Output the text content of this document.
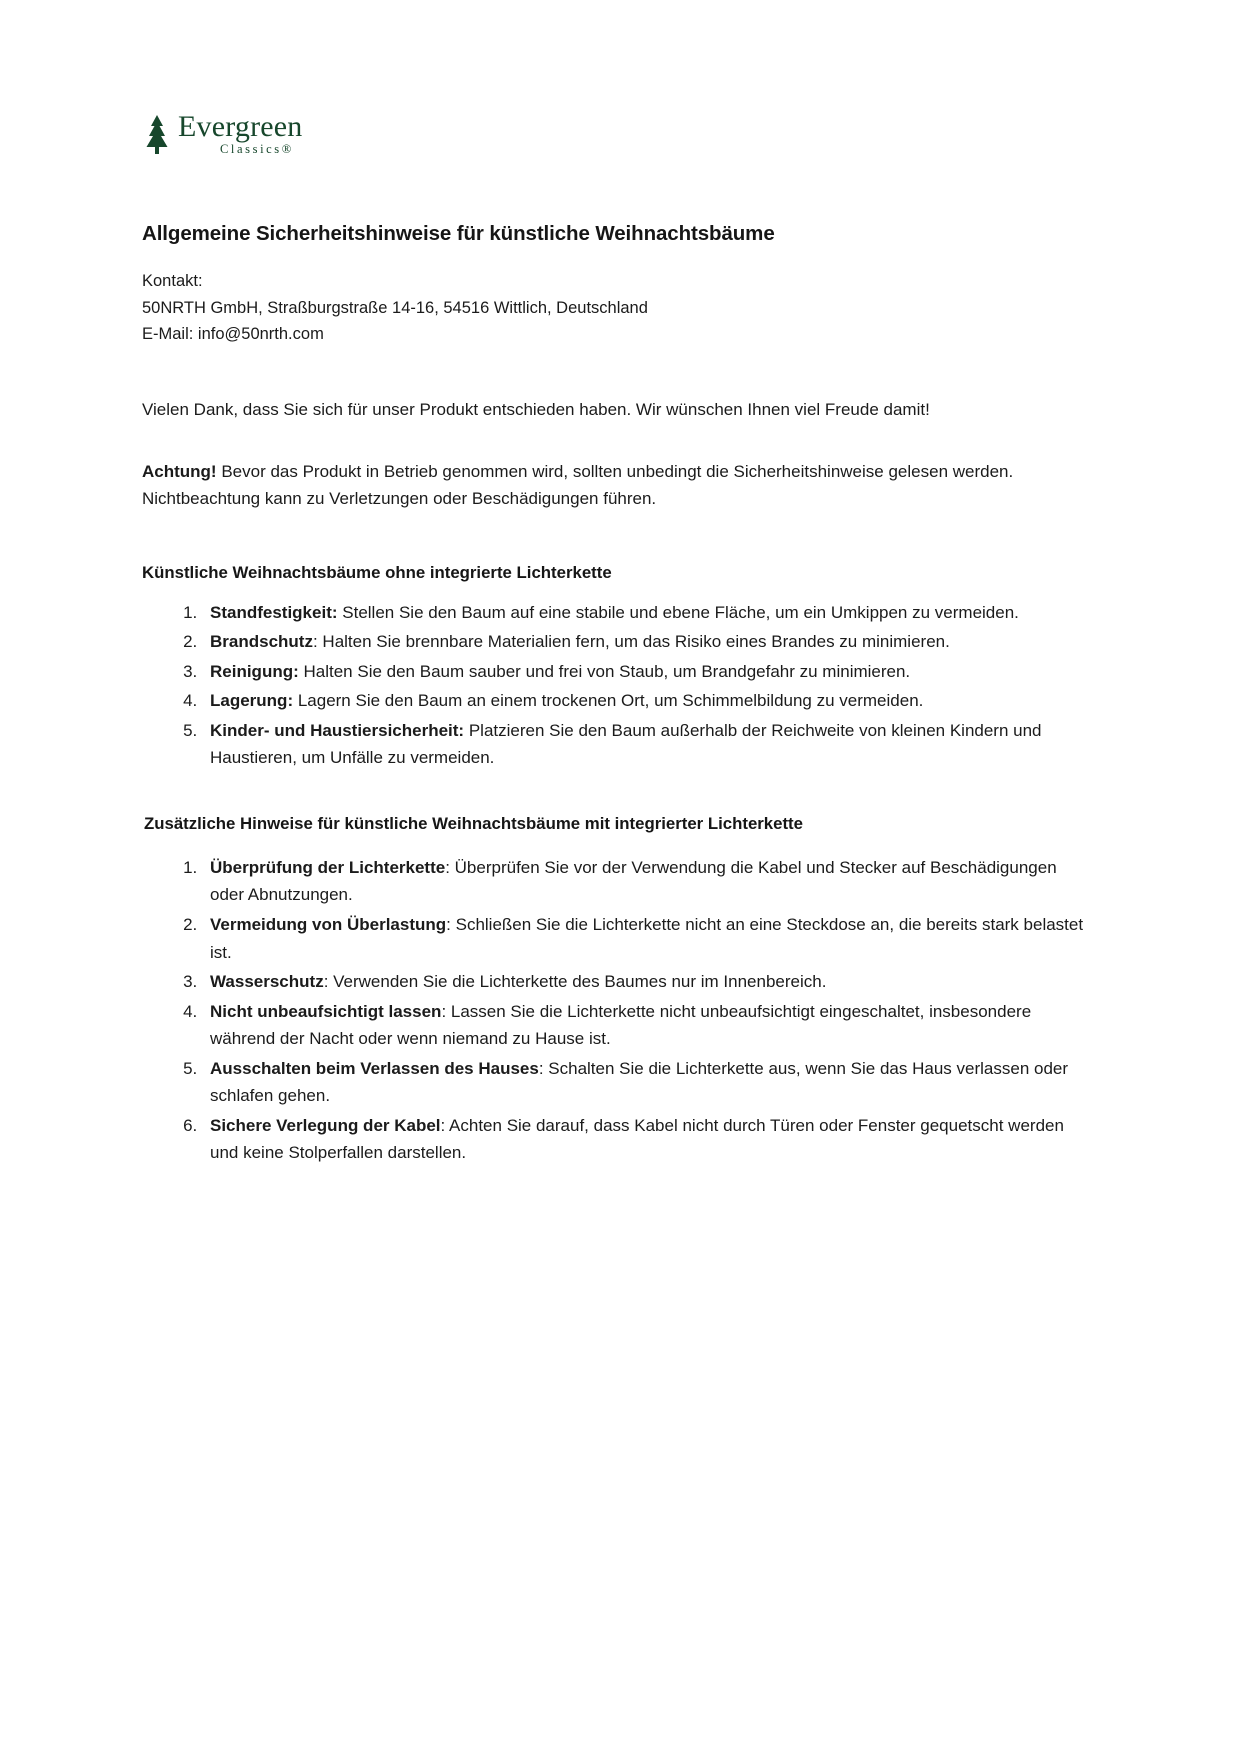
Evergreen
Classics®
Allgemeine Sicherheitshinweise für künstliche Weihnachtsbäume
Kontakt:
50NRTH GmbH, Straßburgstraße 14-16, 54516 Wittlich, Deutschland
E-Mail: info@50nrth.com

Vielen Dank, dass Sie sich für unser Produkt entschieden haben. Wir wünschen Ihnen viel Freude damit!

Achtung! Bevor das Produkt in Betrieb genommen wird, sollten unbedingt die Sicherheitshinweise gelesen werden. Nichtbeachtung kann zu Verletzungen oder Beschädigungen führen.

Künstliche Weihnachtsbäume ohne integrierte Lichterkette
1. Standfestigkeit: Stellen Sie den Baum auf eine stabile und ebene Fläche, um ein Umkippen zu vermeiden.
2. Brandschutz: Halten Sie brennbare Materialien fern, um das Risiko eines Brandes zu minimieren.
3. Reinigung: Halten Sie den Baum sauber und frei von Staub, um Brandgefahr zu minimieren.
4. Lagerung: Lagern Sie den Baum an einem trockenen Ort, um Schimmelbildung zu vermeiden.
5. Kinder- und Haustiersicherheit: Platzieren Sie den Baum außerhalb der Reichweite von kleinen Kindern und Haustieren, um Unfälle zu vermeiden.
Zusätzliche Hinweise für künstliche Weihnachtsbäume mit integrierter Lichterkette
1. Überprüfung der Lichterkette: Überprüfen Sie vor der Verwendung die Kabel und Stecker auf Beschädigungen oder Abnutzungen.
2. Vermeidung von Überlastung: Schließen Sie die Lichterkette nicht an eine Steckdose an, die bereits stark belastet ist.
3. Wasserschutz: Verwenden Sie die Lichterkette des Baumes nur im Innenbereich.
4. Nicht unbeaufsichtigt lassen: Lassen Sie die Lichterkette nicht unbeaufsichtigt eingeschaltet, insbesondere während der Nacht oder wenn niemand zu Hause ist.
5. Ausschalten beim Verlassen des Hauses: Schalten Sie die Lichterkette aus, wenn Sie das Haus verlassen oder schlafen gehen.
6. Sichere Verlegung der Kabel: Achten Sie darauf, dass Kabel nicht durch Türen oder Fenster gequetscht werden und keine Stolperfallen darstellen.
